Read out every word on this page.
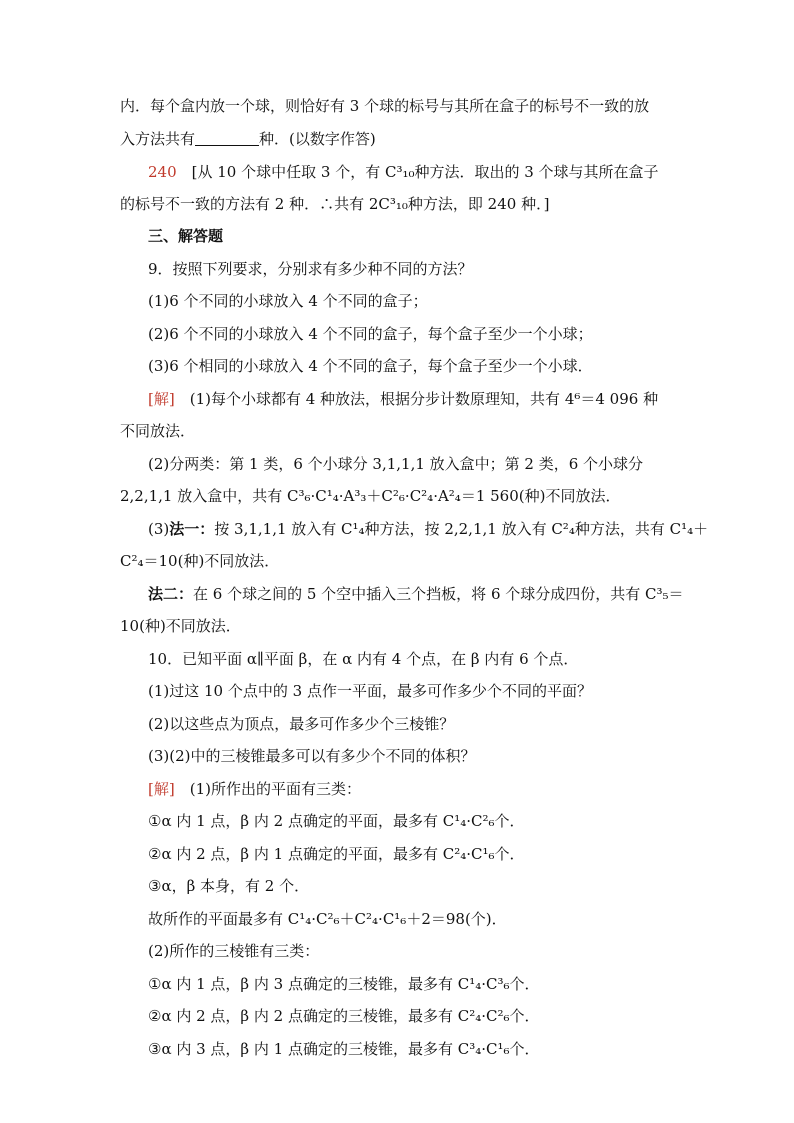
内．每个盒内放一个球，则恰好有 3 个球的标号与其所在盒子的标号不一致的放
入方法共有	种．(以数字作答)
240　[从 10 个球中任取 3 个，有 C³₁₀种方法．取出的 3 个球与其所在盒子
的标号不一致的方法有 2 种．∴共有 2C³₁₀种方法，即 240 种．]
三、解答题
9．按照下列要求，分别求有多少种不同的方法？
(1)6 个不同的小球放入 4 个不同的盒子；
(2)6 个不同的小球放入 4 个不同的盒子，每个盒子至少一个小球；
(3)6 个相同的小球放入 4 个不同的盒子，每个盒子至少一个小球．
[解]　(1)每个小球都有 4 种放法，根据分步计数原理知，共有 4⁶＝4 096 种
不同放法．
(2)分两类：第 1 类，6 个小球分 3,1,1,1 放入盒中；第 2 类，6 个小球分
2,2,1,1 放入盒中，共有 C³₆·C¹₄·A³₃＋C²₆·C²₄·A²₄＝1 560(种)不同放法．
(3)法一：按 3,1,1,1 放入有 C¹₄种方法，按 2,2,1,1 放入有 C²₄种方法，共有 C¹₄＋
C²₄＝10(种)不同放法．
法二：在 6 个球之间的 5 个空中插入三个挡板，将 6 个球分成四份，共有 C³₅＝
10(种)不同放法．
10．已知平面 α∥平面 β，在 α 内有 4 个点，在 β 内有 6 个点．
(1)过这 10 个点中的 3 点作一平面，最多可作多少个不同的平面？
(2)以这些点为顶点，最多可作多少个三棱锥？
(3)(2)中的三棱锥最多可以有多少个不同的体积？
[解]　(1)所作出的平面有三类：
①α 内 1 点，β 内 2 点确定的平面，最多有 C¹₄·C²₆个．
②α 内 2 点，β 内 1 点确定的平面，最多有 C²₄·C¹₆个．
③α，β 本身，有 2 个．
故所作的平面最多有 C¹₄·C²₆＋C²₄·C¹₆＋2＝98(个)．
(2)所作的三棱锥有三类：
①α 内 1 点，β 内 3 点确定的三棱锥，最多有 C¹₄·C³₆个．
②α 内 2 点，β 内 2 点确定的三棱锥，最多有 C²₄·C²₆个．
③α 内 3 点，β 内 1 点确定的三棱锥，最多有 C³₄·C¹₆个．
